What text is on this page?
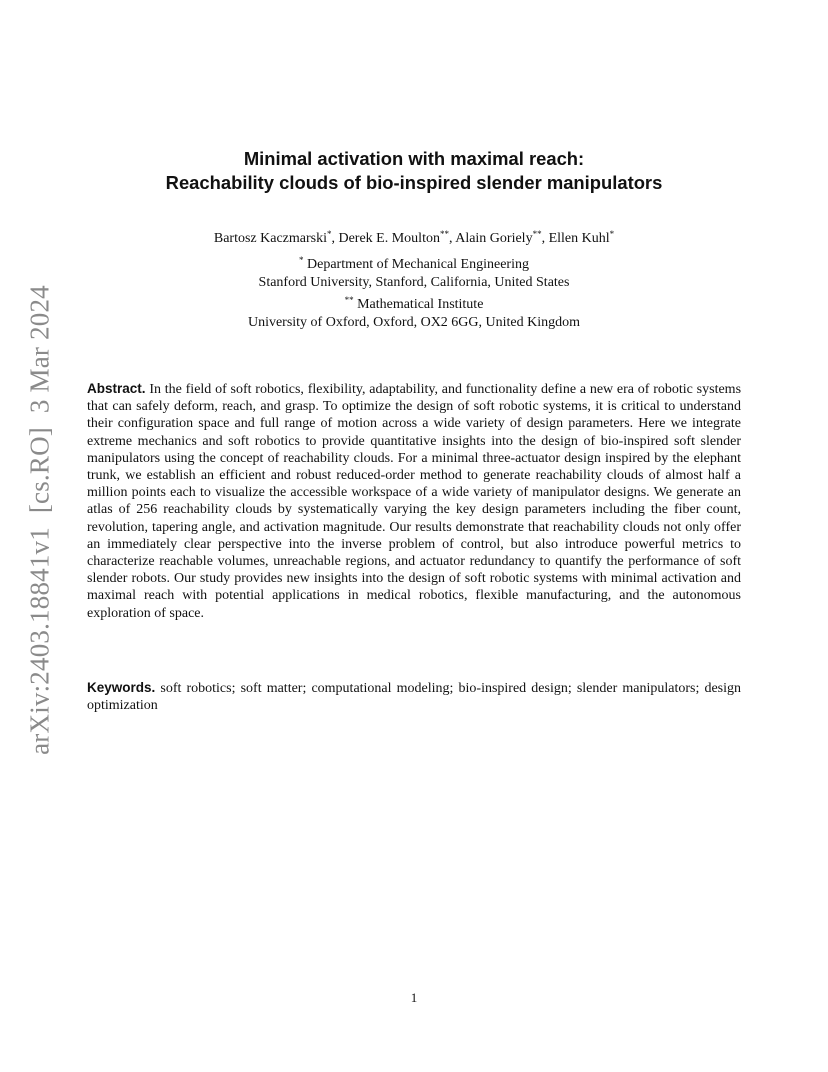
arXiv:2403.18841v1  [cs.RO]  3 Mar 2024
Minimal activation with maximal reach:
Reachability clouds of bio-inspired slender manipulators
Bartosz Kaczmarski*, Derek E. Moulton**, Alain Goriely**, Ellen Kuhl*
* Department of Mechanical Engineering
Stanford University, Stanford, California, United States
** Mathematical Institute
University of Oxford, Oxford, OX2 6GG, United Kingdom
Abstract. In the field of soft robotics, flexibility, adaptability, and functionality define a new era of robotic systems that can safely deform, reach, and grasp. To optimize the design of soft robotic systems, it is critical to understand their configuration space and full range of motion across a wide variety of design parameters. Here we integrate extreme mechanics and soft robotics to provide quantitative insights into the design of bio-inspired soft slender manipulators using the concept of reachability clouds. For a minimal three-actuator design inspired by the elephant trunk, we establish an efficient and robust reduced-order method to generate reachability clouds of almost half a million points each to visualize the accessible workspace of a wide variety of manipulator designs. We generate an atlas of 256 reachability clouds by systematically varying the key design parameters including the fiber count, revolution, tapering angle, and activation magnitude. Our results demonstrate that reachability clouds not only offer an immediately clear perspective into the inverse problem of control, but also introduce powerful metrics to characterize reachable volumes, unreachable regions, and actuator redundancy to quantify the performance of soft slender robots. Our study provides new insights into the design of soft robotic systems with minimal activation and maximal reach with potential applications in medical robotics, flexible manufacturing, and the autonomous exploration of space.
Keywords. soft robotics; soft matter; computational modeling; bio-inspired design; slender manipulators; design optimization
1
